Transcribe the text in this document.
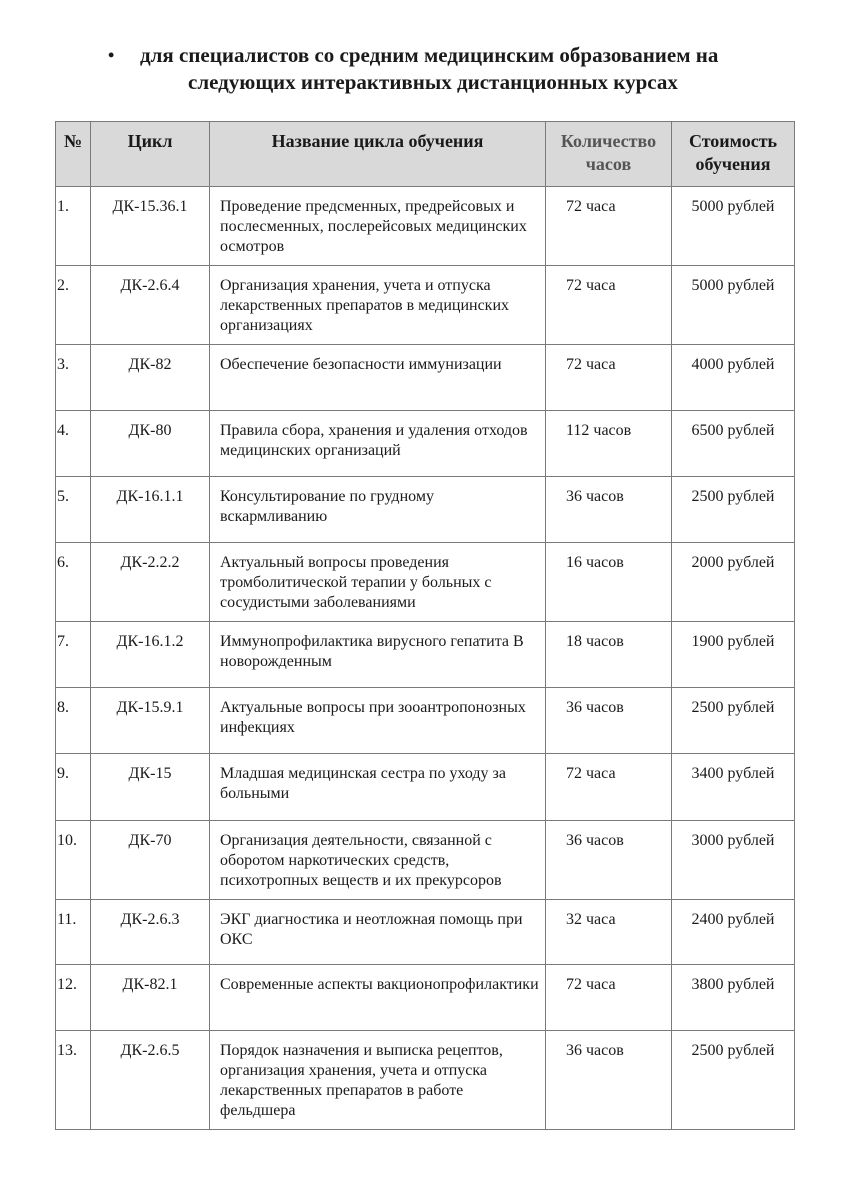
• для специалистов со средним медицинским образованием на
следующих интерактивных дистанционных курсах
№	Цикл	Название цикла обучения	Количество часов	Стоимость обучения
1.	ДК-15.36.1	Проведение предсменных, предрейсовых и послесменных, послерейсовых медицинских осмотров	72 часа	5000 рублей
2.	ДК-2.6.4	Организация хранения, учета и отпуска лекарственных препаратов в медицинских организациях	72 часа	5000 рублей
3.	ДК-82	Обеспечение безопасности иммунизации	72 часа	4000 рублей
4.	ДК-80	Правила сбора, хранения и удаления отходов медицинских организаций	112 часов	6500 рублей
5.	ДК-16.1.1	Консультирование по грудному вскармливанию	36 часов	2500 рублей
6.	ДК-2.2.2	Актуальный вопросы проведения тромболитической терапии у больных с сосудистыми заболеваниями	16 часов	2000 рублей
7.	ДК-16.1.2	Иммунопрофилактика вирусного гепатита В новорожденным	18 часов	1900 рублей
8.	ДК-15.9.1	Актуальные вопросы при зооантропонозных инфекциях	36 часов	2500 рублей
9.	ДК-15	Младшая медицинская сестра по уходу за больными	72 часа	3400 рублей
10.	ДК-70	Организация деятельности, связанной с оборотом наркотических средств, психотропных веществ и их прекурсоров	36 часов	3000 рублей
11.	ДК-2.6.3	ЭКГ диагностика и неотложная помощь при ОКС	32 часа	2400 рублей
12.	ДК-82.1	Современные аспекты вакционопрофилактики	72 часа	3800 рублей
13.	ДК-2.6.5	Порядок назначения и выписка рецептов, организация хранения, учета и отпуска лекарственных препаратов в работе фельдшера	36 часов	2500 рублей
